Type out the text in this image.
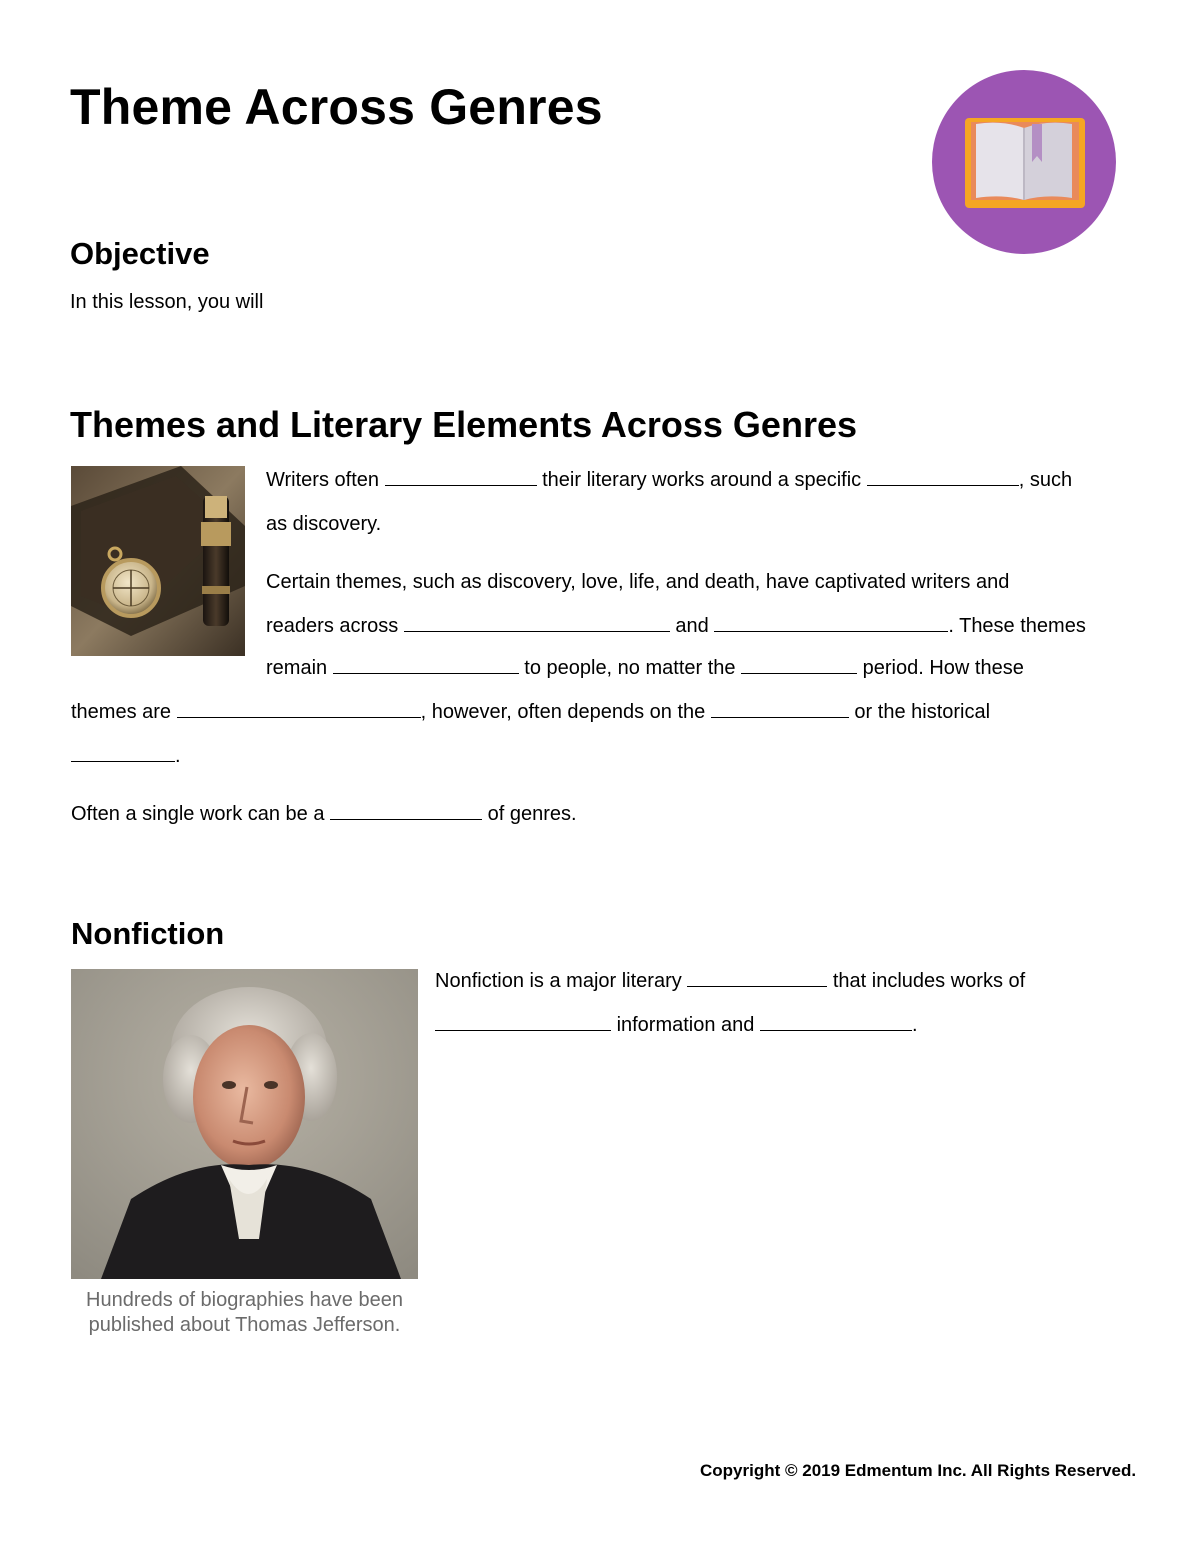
Theme Across Genres
Objective
In this lesson, you will
Themes and Literary Elements Across Genres
Writers often	their literary works around a specific	, such
as discovery.
Certain themes, such as discovery, love, life, and death, have captivated writers and
readers across	and	. These themes
remain	to people, no matter the	period. How these
themes are	, however, often depends on the	or the historical
.
Often a single work can be a	of genres.
Nonfiction
Hundreds of biographies have been
published about Thomas Jefferson.
Nonfiction is a major literary	that includes works of
information and	.
Copyright © 2019 Edmentum Inc. All Rights Reserved.
